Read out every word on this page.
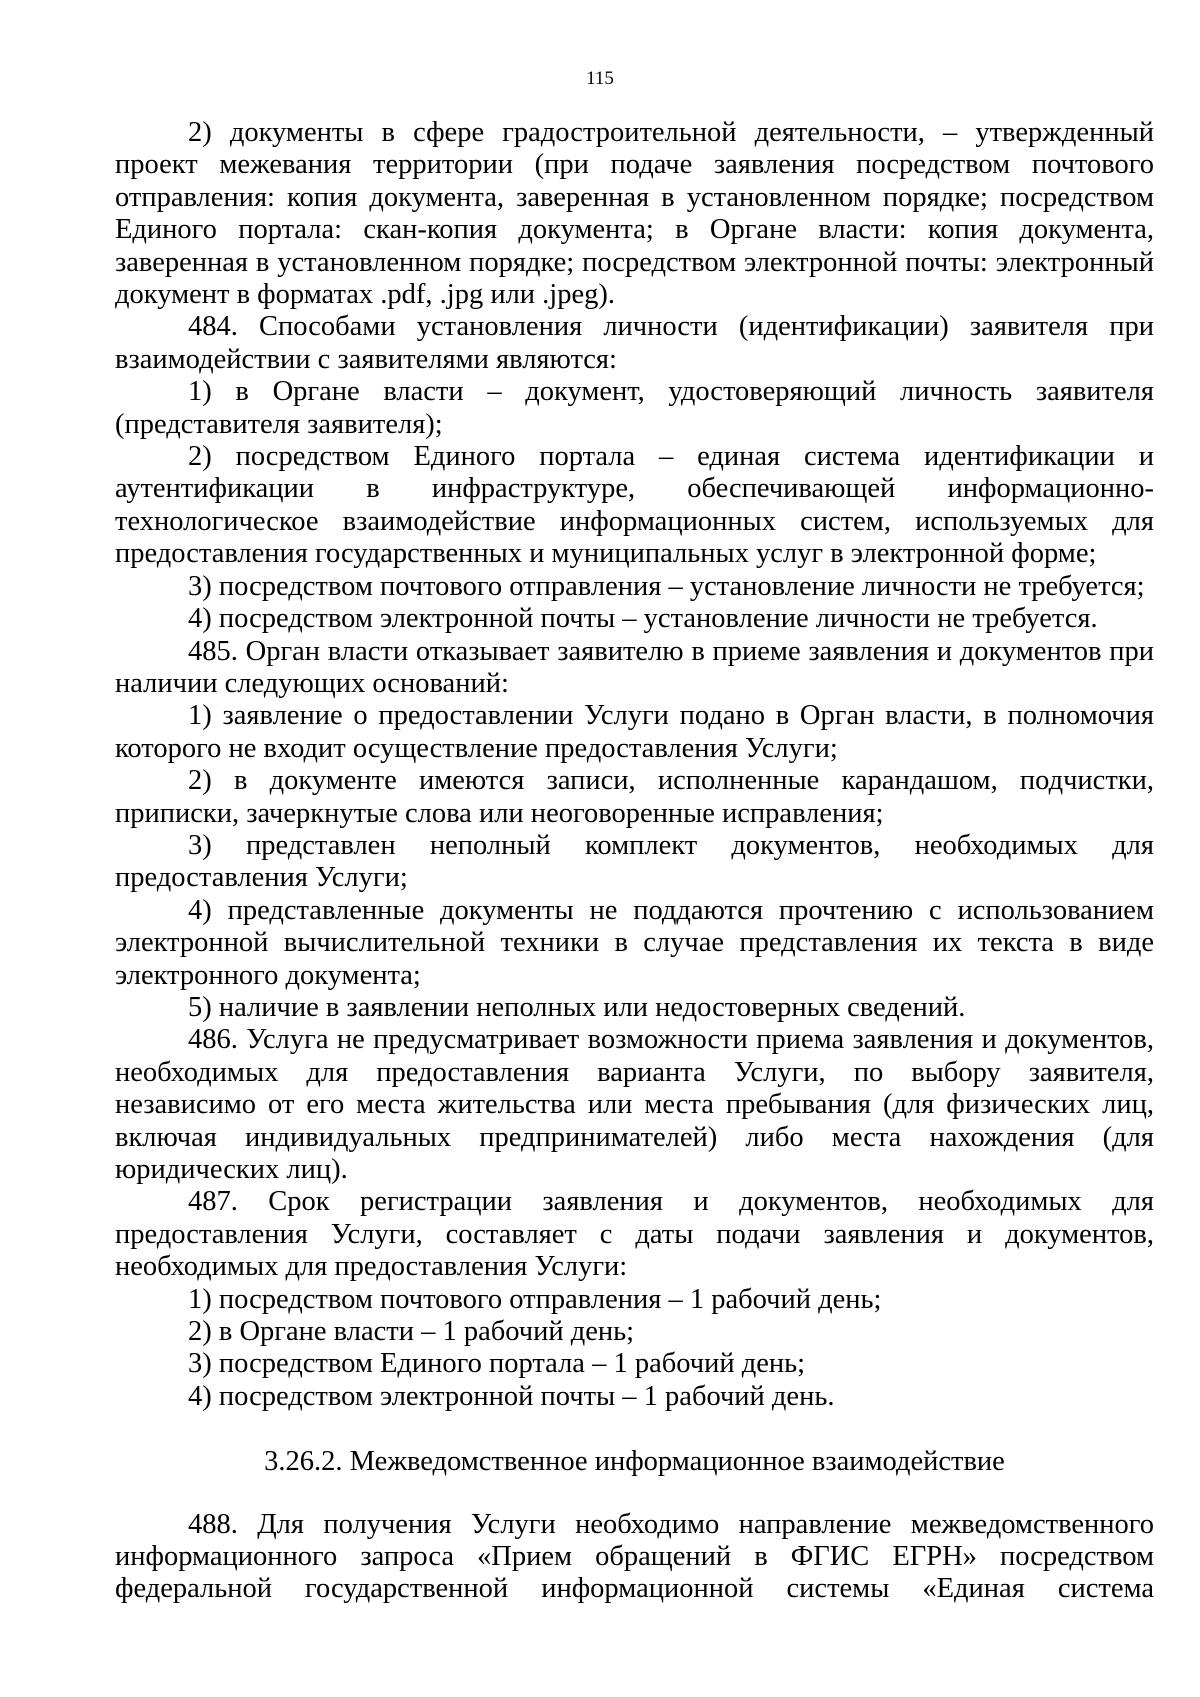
115

2) документы в сфере градостроительной деятельности, – утвержденный проект межевания территории (при подаче заявления посредством почтового отправления: копия документа, заверенная в установленном порядке; посредством Единого портала: скан-копия документа; в Органе власти: копия документа, заверенная в установленном порядке; посредством электронной почты: электронный документ в форматах .pdf, .jpg или .jpeg).

484. Способами установления личности (идентификации) заявителя при взаимодействии с заявителями являются:

1) в Органе власти – документ, удостоверяющий личность заявителя (представителя заявителя);

2) посредством Единого портала – единая система идентификации и аутентификации в инфраструктуре, обеспечивающей информационно-технологическое взаимодействие информационных систем, используемых для предоставления государственных и муниципальных услуг в электронной форме;

3) посредством почтового отправления – установление личности не требуется;

4) посредством электронной почты – установление личности не требуется.

485. Орган власти отказывает заявителю в приеме заявления и документов при наличии следующих оснований:

1) заявление о предоставлении Услуги подано в Орган власти, в полномочия которого не входит осуществление предоставления Услуги;

2) в документе имеются записи, исполненные карандашом, подчистки, приписки, зачеркнутые слова или неоговоренные исправления;

3) представлен неполный комплект документов, необходимых для предоставления Услуги;

4) представленные документы не поддаются прочтению с использованием электронной вычислительной техники в случае представления их текста в виде электронного документа;

5) наличие в заявлении неполных или недостоверных сведений.

486. Услуга не предусматривает возможности приема заявления и документов, необходимых для предоставления варианта Услуги, по выбору заявителя, независимо от его места жительства или места пребывания (для физических лиц, включая индивидуальных предпринимателей) либо места нахождения (для юридических лиц).

487. Срок регистрации заявления и документов, необходимых для предоставления Услуги, составляет с даты подачи заявления и документов, необходимых для предоставления Услуги:

1) посредством почтового отправления – 1 рабочий день;

2) в Органе власти – 1 рабочий день;

3) посредством Единого портала – 1 рабочий день;

4) посредством электронной почты – 1 рабочий день.

3.26.2. Межведомственное информационное взаимодействие

488. Для получения Услуги необходимо направление межведомственного информационного запроса «Прием обращений в ФГИС ЕГРН» посредством федеральной государственной информационной системы «Единая система
